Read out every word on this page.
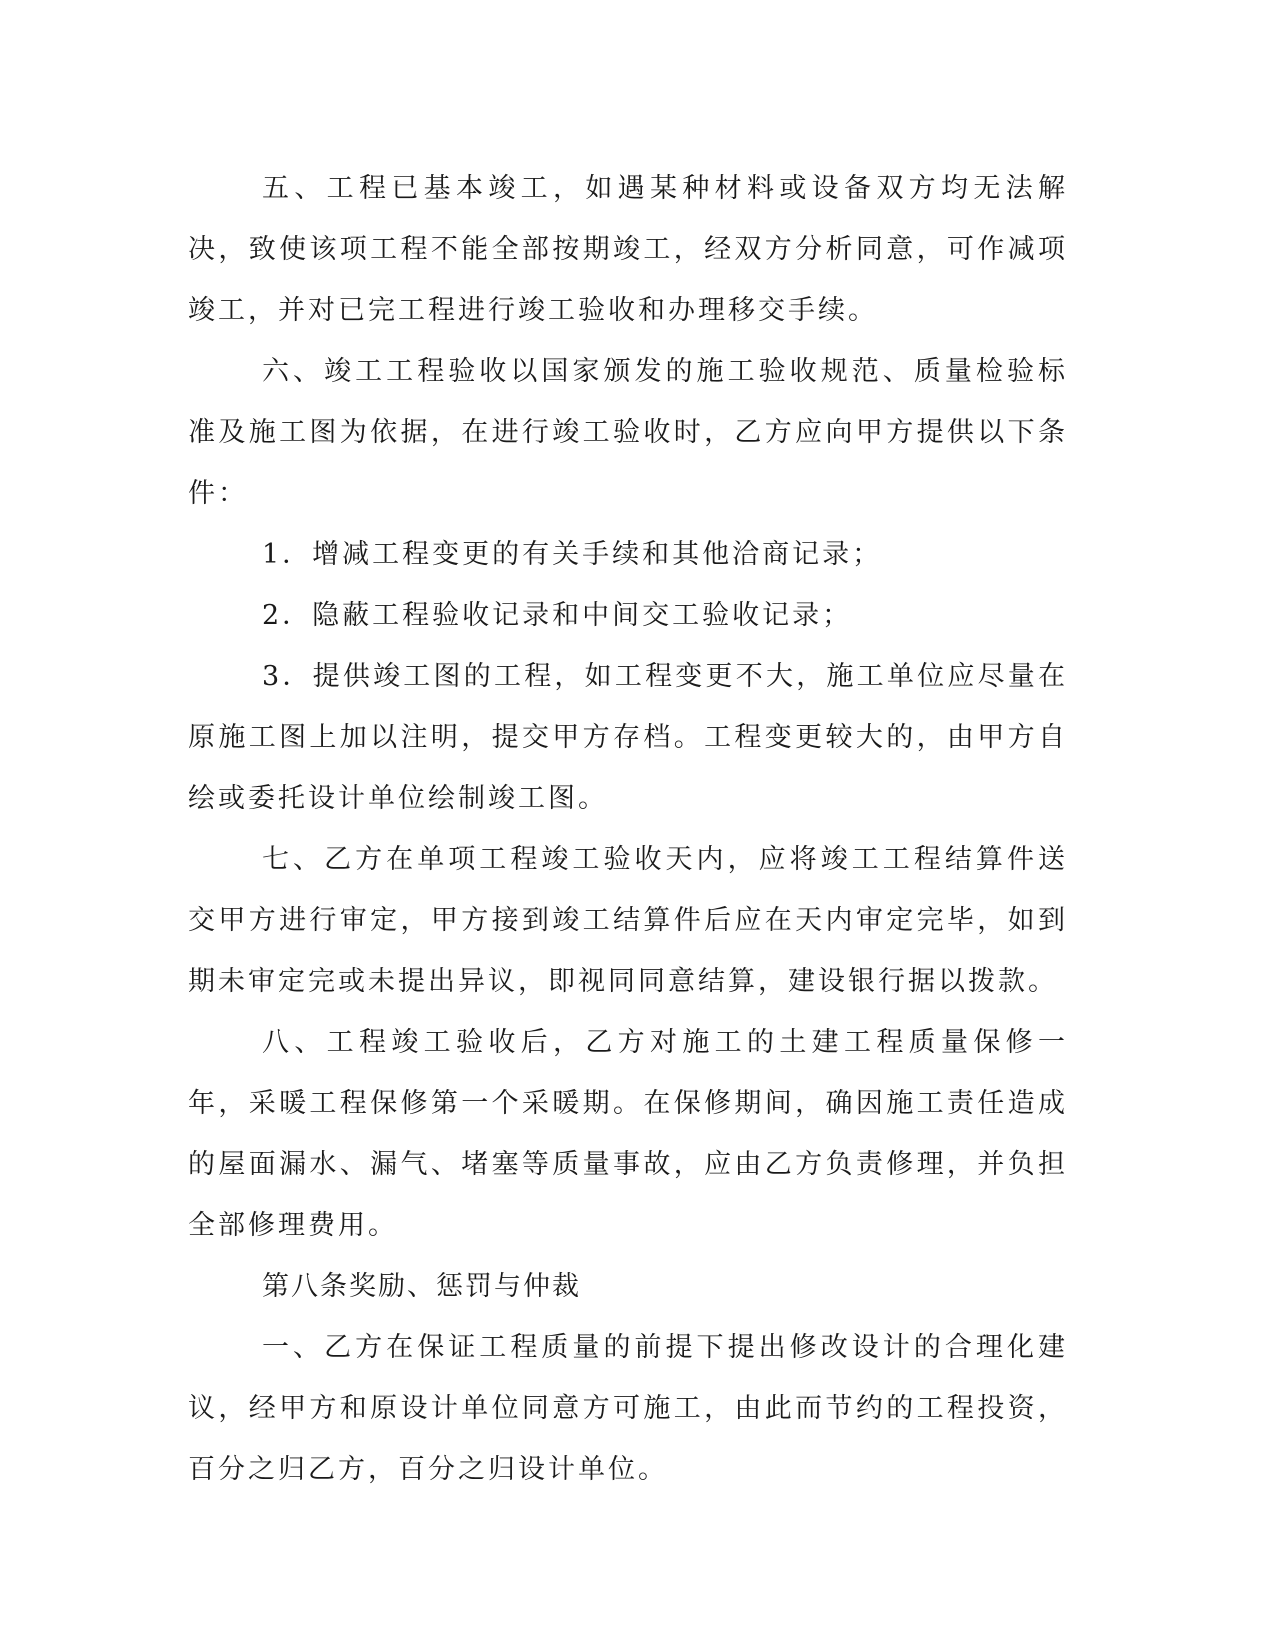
五、工程已基本竣工，如遇某种材料或设备双方均无法解决，致使该项工程不能全部按期竣工，经双方分析同意，可作减项竣工，并对已完工程进行竣工验收和办理移交手续。

六、竣工工程验收以国家颁发的施工验收规范、质量检验标准及施工图为依据，在进行竣工验收时，乙方应向甲方提供以下条件：

1．增减工程变更的有关手续和其他洽商记录；

2．隐蔽工程验收记录和中间交工验收记录；

3．提供竣工图的工程，如工程变更不大，施工单位应尽量在原施工图上加以注明，提交甲方存档。工程变更较大的，由甲方自绘或委托设计单位绘制竣工图。

七、乙方在单项工程竣工验收天内，应将竣工工程结算件送交甲方进行审定，甲方接到竣工结算件后应在天内审定完毕，如到期未审定完或未提出异议，即视同同意结算，建设银行据以拨款。

八、工程竣工验收后，乙方对施工的土建工程质量保修一年，采暖工程保修第一个采暖期。在保修期间，确因施工责任造成的屋面漏水、漏气、堵塞等质量事故，应由乙方负责修理，并负担全部修理费用。

第八条奖励、惩罚与仲裁

一、乙方在保证工程质量的前提下提出修改设计的合理化建议，经甲方和原设计单位同意方可施工，由此而节约的工程投资，百分之归乙方，百分之归设计单位。
